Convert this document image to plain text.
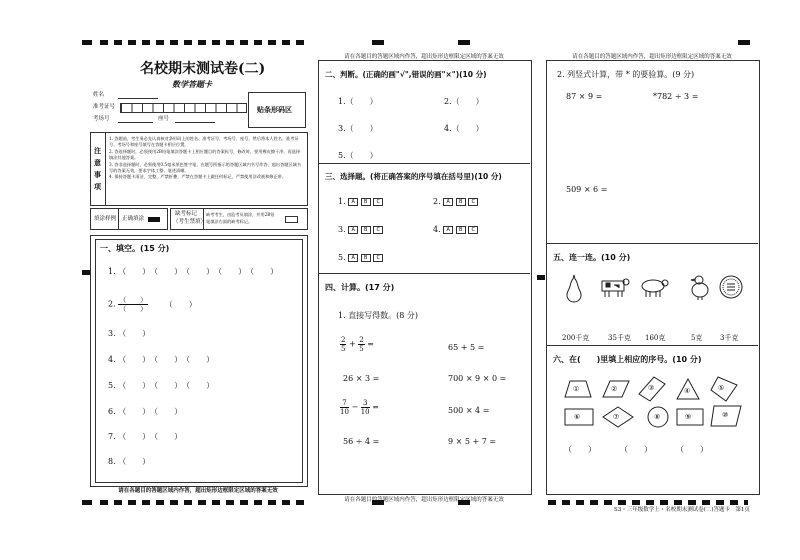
名校期末测试卷(二)
数学答题卡
姓名
准考证号
考场号	座号
贴条形码区
注
意
事
项
1. 答题前，考生务必先认真核对条形码上的姓名、准考证号、考场号、座号，然后将本人姓名、准考证号、考场号和座号填写在答题卡相应位置。
2. 答选择题时，必须使用2B铅笔填涂答题卡上相应题目的答案标号，修改时，要用橡皮擦干净，再选择填涂其他答案。
3. 答非选择题时，必须使用0.5毫米黑色签字笔，在题号所指示的答题区域内书写作答，超出答题区域书写的答案无效，要求字体工整、笔迹清晰。
4. 保持答题卡清洁、完整，严禁折叠、严禁在答题卡上做任何标记，严禁使用涂改液和修正带。
填涂样例 正确填涂
缺考标记
（考生禁填）
缺考考生，由监考员填涂，并用2B铅笔填涂右面的缺考标记。
一、填空。(15 分)
1. （　　）　（　　）　（　　）　（　　）　（　　）
2. $\frac{( )}{( )}$ （　　）
3. （　　）
4. （　　）　（　　）　（　　）
5. （　　）　（　　）　（　　）
6. （　　）　（　　）
7. （　　）　（　　）
8. （　　）
请在各题目的答题区域内作答，超出矩形边框限定区域的答案无效
请在各题目的答题区域内作答，超出矩形边框限定区域的答案无效
二、判断。(正确的画"√",错误的画"×")(10 分)
1.（　　）	2.（　　）
3.（　　）	4.（　　）
5.（　　）
三、选择题。(将正确答案的序号填在括号里)(10 分)
1. A B C	2. A B C
3. A B C	4. A B C
5. A B C
四、计算。(17 分)
1. 直接写得数。(8 分)
$\frac{2}{5} + \frac{2}{5}$ =	65 + 5 =
26 × 3 =	700 × 9 × 0 =
$\frac{7}{10} - \frac{3}{10}$ =	500 × 4 =
56 ÷ 4 =	9 × 5 + 7 =
请在各题目的答题区域内作答，超出矩形边框限定区域的答案无效
请在各题目的答题区域内作答，超出矩形边框限定区域的答案无效
2. 列竖式计算，带 * 的要验算。(9 分)
87 × 9 =	*782 ÷ 3 =
509 × 6 =
五、连一连。(10 分)
200千克	35千克 160克	5克	3千克
六、在(　　)里填上相应的序号。(10 分)
①	②	③	④	⑤
⑥	⑦	⑧	⑨	⑩
（　　）　　　　（　　）　　　　（　　）
S3・三年级数学上・名校期末测试卷(二)答题卡　第1页
